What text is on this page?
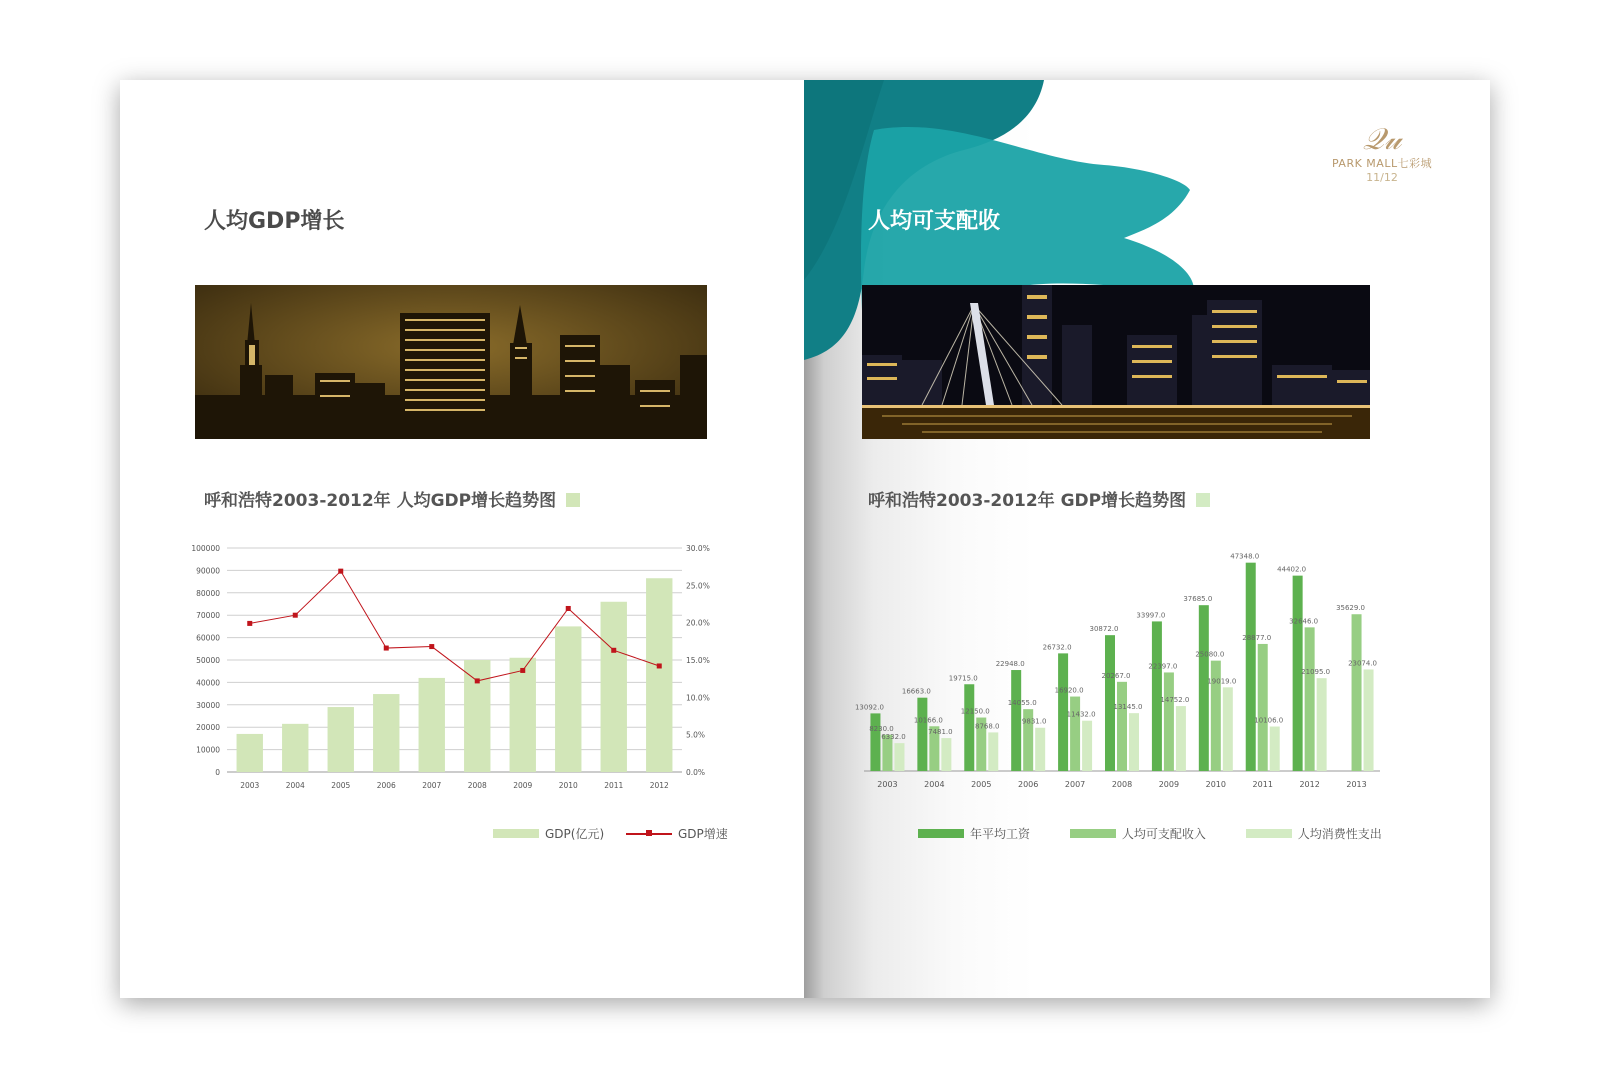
人均GDP增长
呼和浩特2003-2012年 人均GDP增长趋势图
0
10000
20000
30000
40000
50000
60000
70000
80000
90000
100000
0.0%
5.0%
10.0%
15.0%
20.0%
25.0%
30.0%
2003	2004	2005	2006	2007	2008	2009	2010	2011	2012
GDP(亿元)
	GDP增速
𝒬𝓊
PARK MALL七彩城
11/12
人均可支配收
呼和浩特2003-2012年 GDP增长趋势图
13092.0
16663.0
19715.0
22948.0
26732.0
30872.0
33997.0
37685.0
47348.0
44402.0
8230.0
10166.0
12150.0
14055.0
16920.0
20267.0
22397.0
25080.0
28877.0
32646.0
35629.0
6332.0
7481.0
8768.0
9831.0
11432.0
13145.0
14752.0
19019.0
10106.0
21095.0
23074.0
2003	2004	2005	2006	2007	2008	2009	2010	2011	2012	2013
年平均工资
	人均可支配收入
	人均消费性支出
